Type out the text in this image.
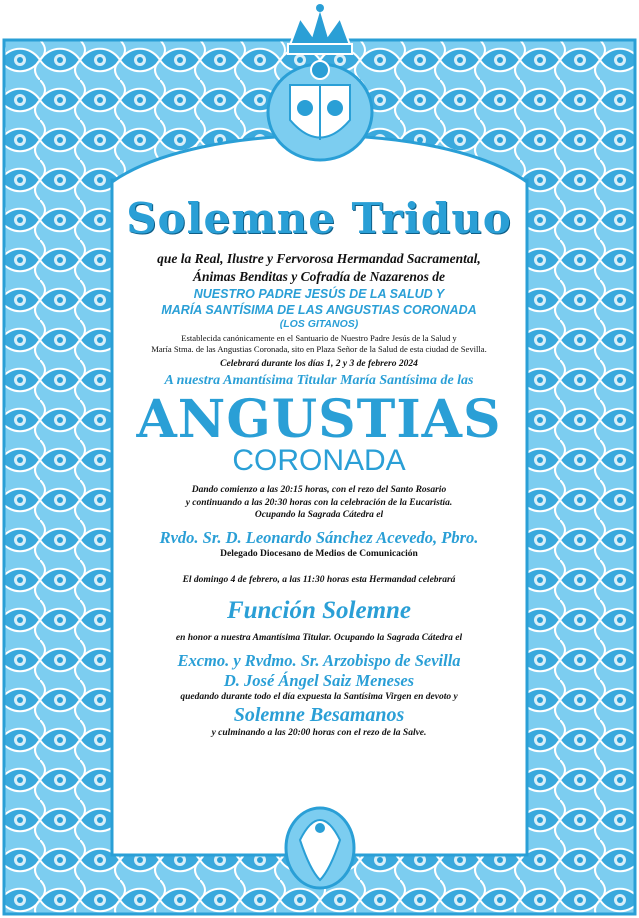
Solemne Triduo
que la Real, Ilustre y Fervorosa Hermandad Sacramental,
Ánimas Benditas y Cofradía de Nazarenos de
NUESTRO PADRE JESÚS DE LA SALUD Y
MARÍA SANTÍSIMA DE LAS ANGUSTIAS CORONADA
(LOS GITANOS)
Establecida canónicamente en el Santuario de Nuestro Padre Jesús de la Salud y
María Stma. de las Angustias Coronada, sito en Plaza Señor de la Salud de esta ciudad de Sevilla.
Celebrará durante los días 1, 2 y 3 de febrero 2024
A nuestra Amantísima Titular María Santísima de las
ANGUSTIAS
CORONADA
Dando comienzo a las 20:15 horas, con el rezo del Santo Rosario
y continuando a las 20:30 horas con la celebración de la Eucaristía.
Ocupando la Sagrada Cátedra el
Rvdo. Sr. D. Leonardo Sánchez Acevedo, Pbro.
Delegado Diocesano de Medios de Comunicación
El domingo 4 de febrero, a las 11:30 horas esta Hermandad celebrará
Función Solemne
en honor a nuestra Amantísima Titular. Ocupando la Sagrada Cátedra el
Excmo. y Rvdmo. Sr. Arzobispo de Sevilla
D. José Ángel Saiz Meneses
quedando durante todo el día expuesta la Santísima Virgen en devoto y
Solemne Besamanos
y culminando a las 20:00 horas con el rezo de la Salve.
